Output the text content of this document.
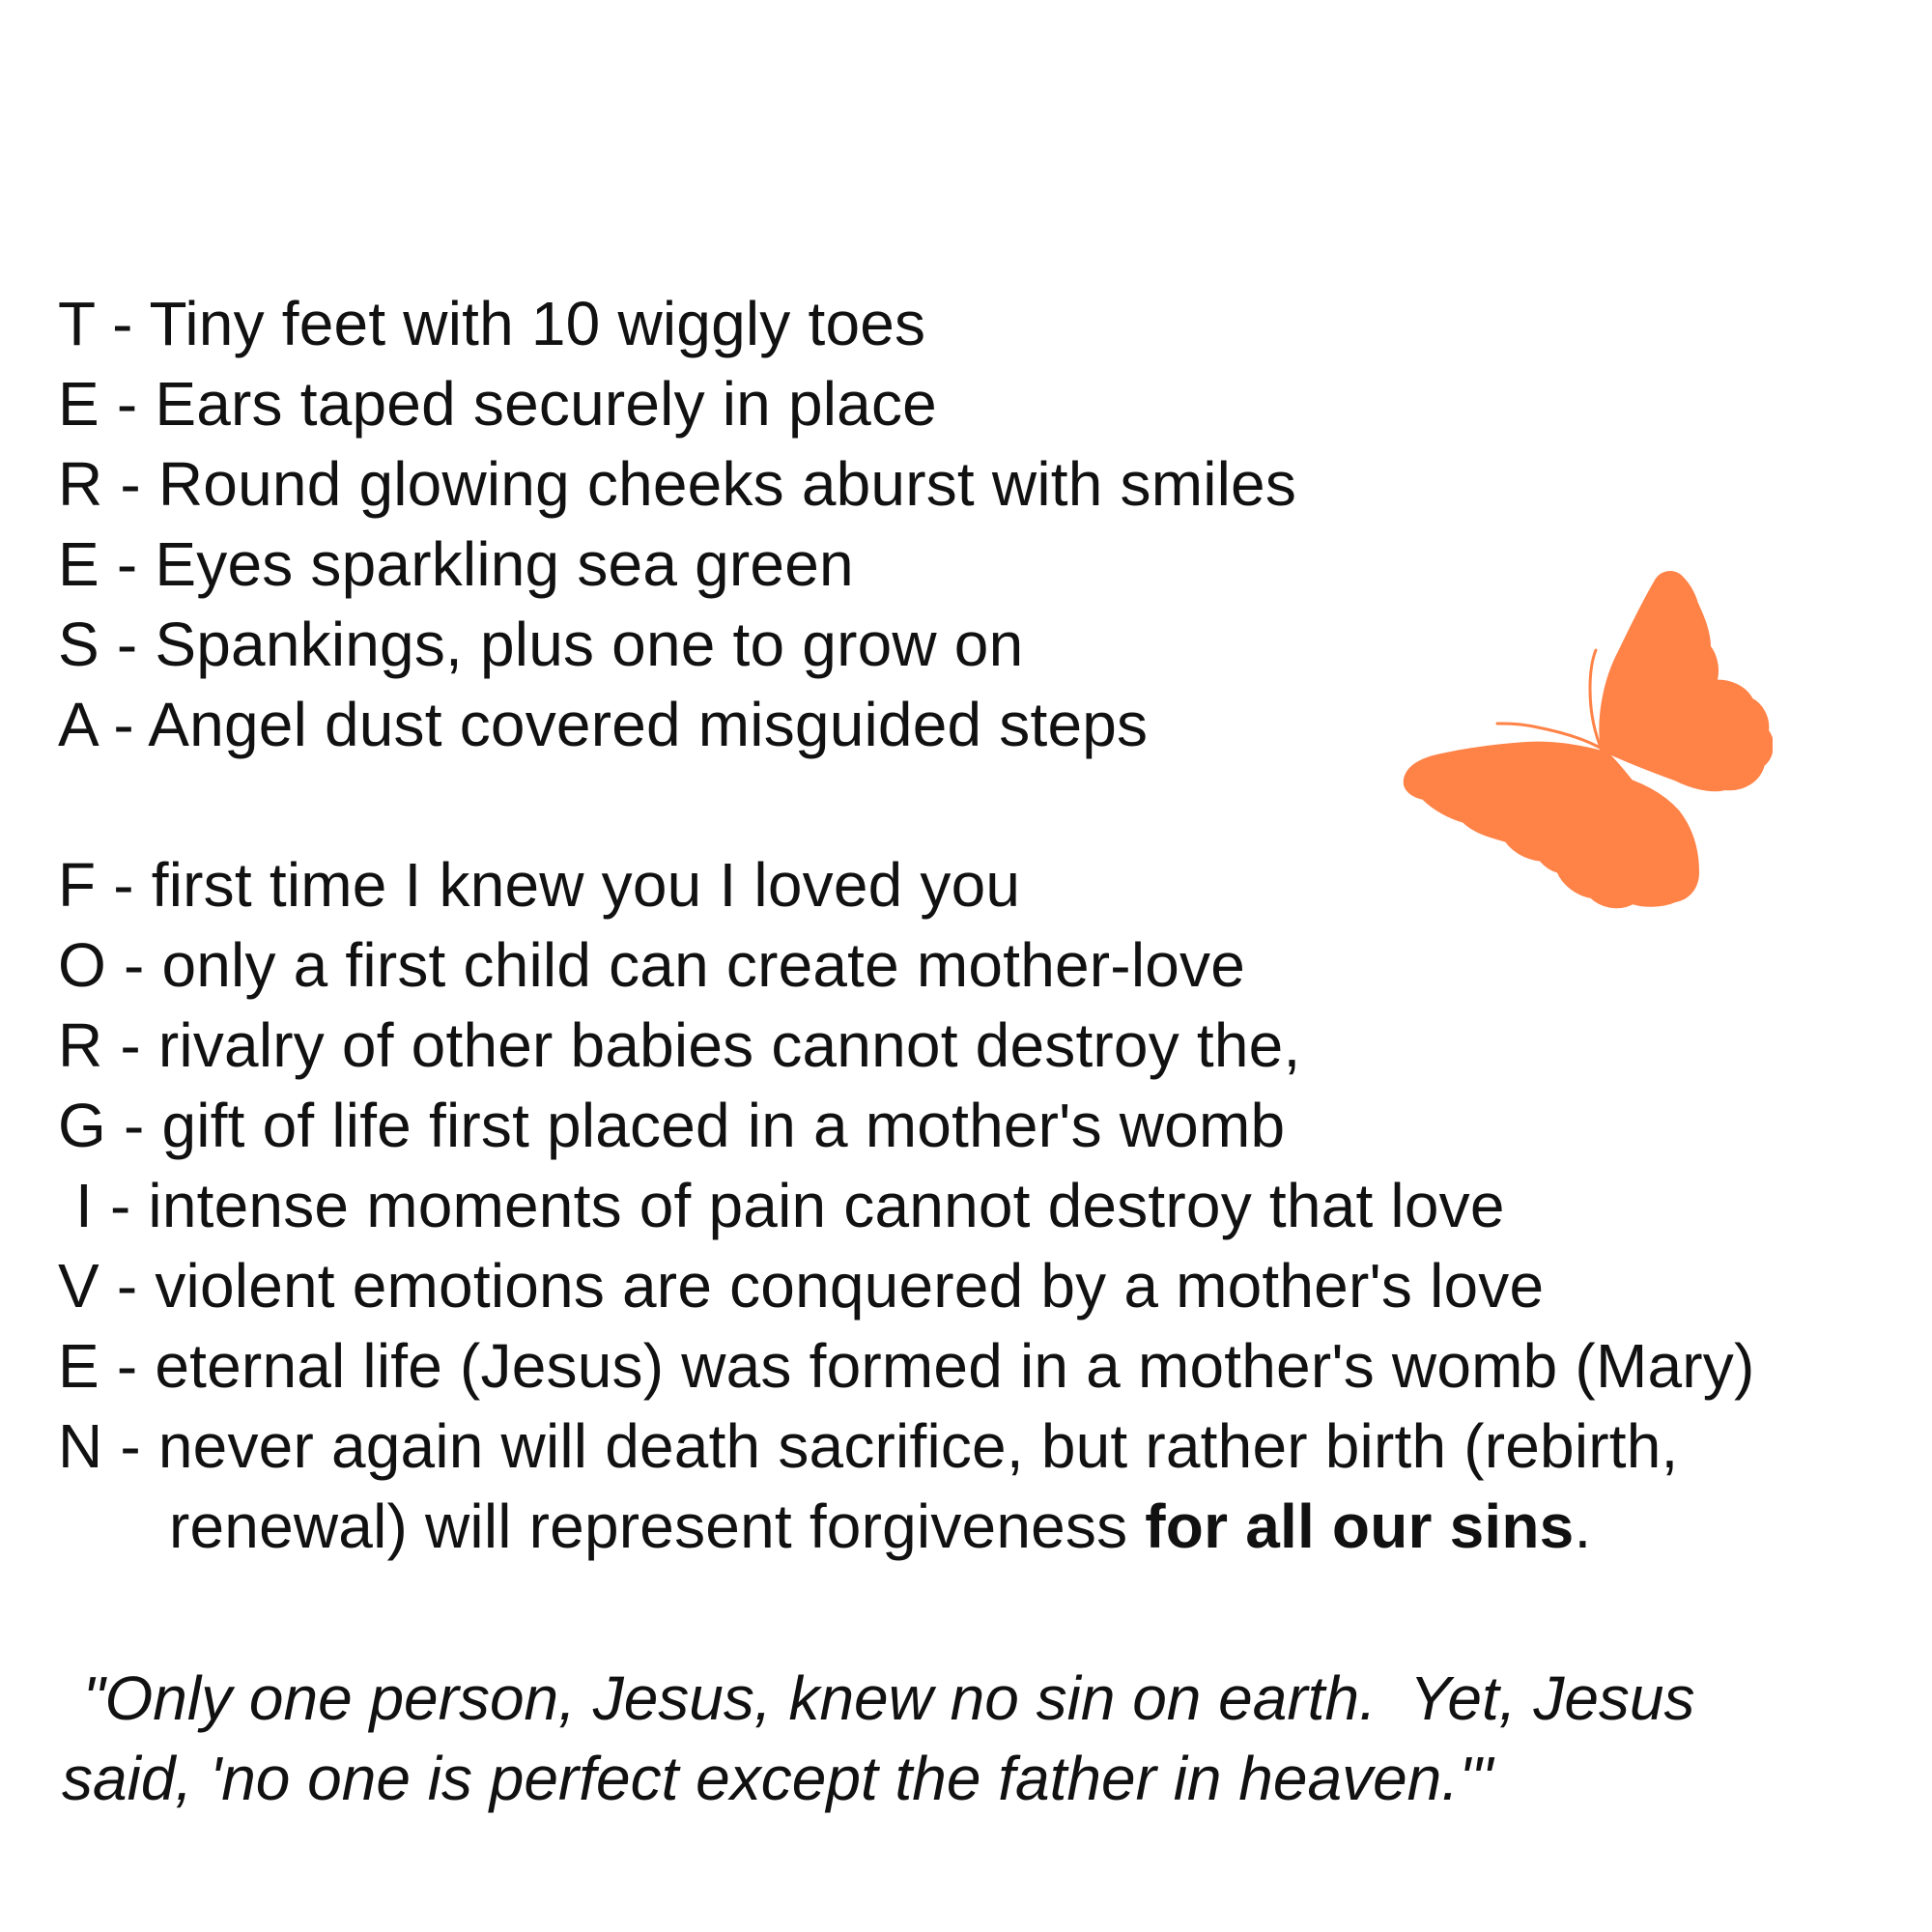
T - Tiny feet with 10 wiggly toes
E - Ears taped securely in place
R - Round glowing cheeks aburst with smiles
E - Eyes sparkling sea green
S - Spankings, plus one to grow on
A - Angel dust covered misguided steps
F - first time I knew you I loved you
O - only a first child can create mother-love
R - rivalry of other babies cannot destroy the,
G - gift of life first placed in a mother's womb
I - intense moments of pain cannot destroy that love
V - violent emotions are conquered by a mother's love
E - eternal life (Jesus) was formed in a mother's womb (Mary)
N - never again will death sacrifice, but rather birth (rebirth,
renewal) will represent forgiveness for all our sins.
"Only one person, Jesus, knew no sin on earth.  Yet, Jesus
said, 'no one is perfect except the father in heaven.'"
